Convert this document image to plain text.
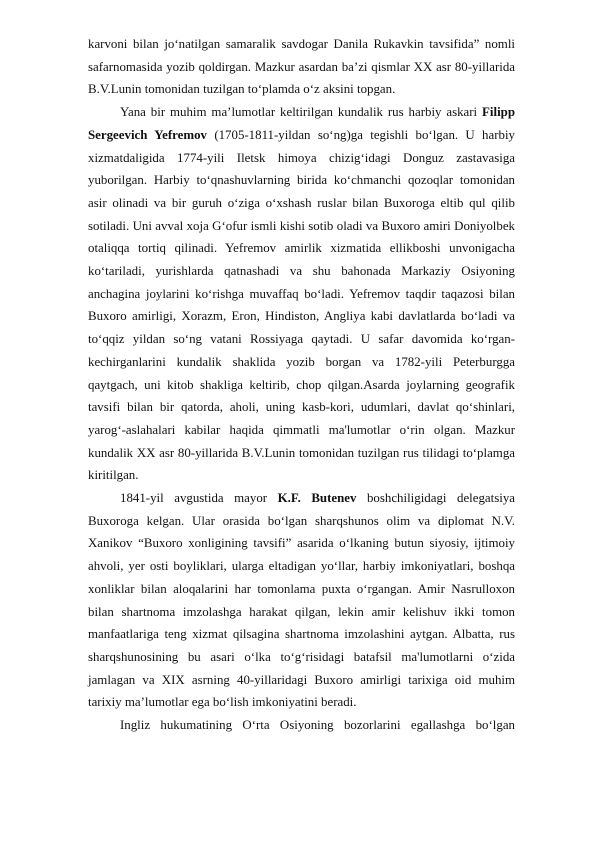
karvoni bilan jo‘natilgan samaralik savdogar Danila Rukavkin tavsifida” nomli safarnomasida yozib qoldirgan. Mazkur asardan ba’zi qismlar XX asr 80-yillarida B.V.Lunin tomonidan tuzilgan to‘plamda o‘z aksini topgan.

Yana bir muhim ma’lumotlar keltirilgan kundalik rus harbiy askari Filipp Sergeevich Yefremov (1705-1811-yildan so‘ng)ga tegishli bo‘lgan. U harbiy xizmatdaligida 1774-yili Iletsk himoya chizig‘idagi Donguz zastavasiga yuborilgan. Harbiy to‘qnashuvlarning birida ko‘chmanchi qozoqlar tomonidan asir olinadi va bir guruh o‘ziga o‘xshash ruslar bilan Buxoroga eltib qul qilib sotiladi. Uni avval xoja G‘ofur ismli kishi sotib oladi va Buxoro amiri Doniyolbek otaliqqa tortiq qilinadi. Yefremov amirlik xizmatida ellikboshi unvonigacha ko‘tariladi, yurishlarda qatnashadi va shu bahonada Markaziy Osiyoning anchagina joylarini ko‘rishga muvaffaq bo‘ladi. Yefremov taqdir taqazosi bilan Buxoro amirligi, Xorazm, Eron, Hindiston, Angliya kabi davlatlarda bo‘ladi va to‘qqiz yildan so‘ng vatani Rossiyaga qaytadi. U safar davomida ko‘rgan-kechirganlarini kundalik shaklida yozib borgan va 1782-yili Peterburgga qaytgach, uni kitob shakliga keltirib, chop qilgan.Asarda joylarning geografik tavsifi bilan bir qatorda, aholi, uning kasb-kori, udumlari, davlat qo‘shinlari, yarog‘-aslahalari kabilar haqida qimmatli ma'lumotlar o‘rin olgan. Mazkur kundalik XX asr 80-yillarida B.V.Lunin tomonidan tuzilgan rus tilidagi to‘plamga kiritilgan.

1841-yil avgustida mayor K.F. Butenev boshchiligidagi delegatsiya Buxoroga kelgan. Ular orasida bo‘lgan sharqshunos olim va diplomat N.V. Xanikov “Buxoro xonligining tavsifi” asarida o‘lkaning butun siyosiy, ijtimoiy ahvoli, yer osti boyliklari, ularga eltadigan yo‘llar, harbiy imkoniyatlari, boshqa xonliklar bilan aloqalarini har tomonlama puxta o‘rgangan. Amir Nasrulloxon bilan shartnoma imzolashga harakat qilgan, lekin amir kelishuv ikki tomon manfaatlariga teng xizmat qilsagina shartnoma imzolashini aytgan. Albatta, rus sharqshunosining bu asari o‘lka to‘g‘risidagi batafsil ma'lumotlarni o‘zida jamlagan va XIX asrning 40-yillaridagi Buxoro amirligi tarixiga oid muhim tarixiy ma’lumotlar ega bo‘lish imkoniyatini beradi.

Ingliz hukumatining O‘rta Osiyoning bozorlarini egallashga bo‘lgan
